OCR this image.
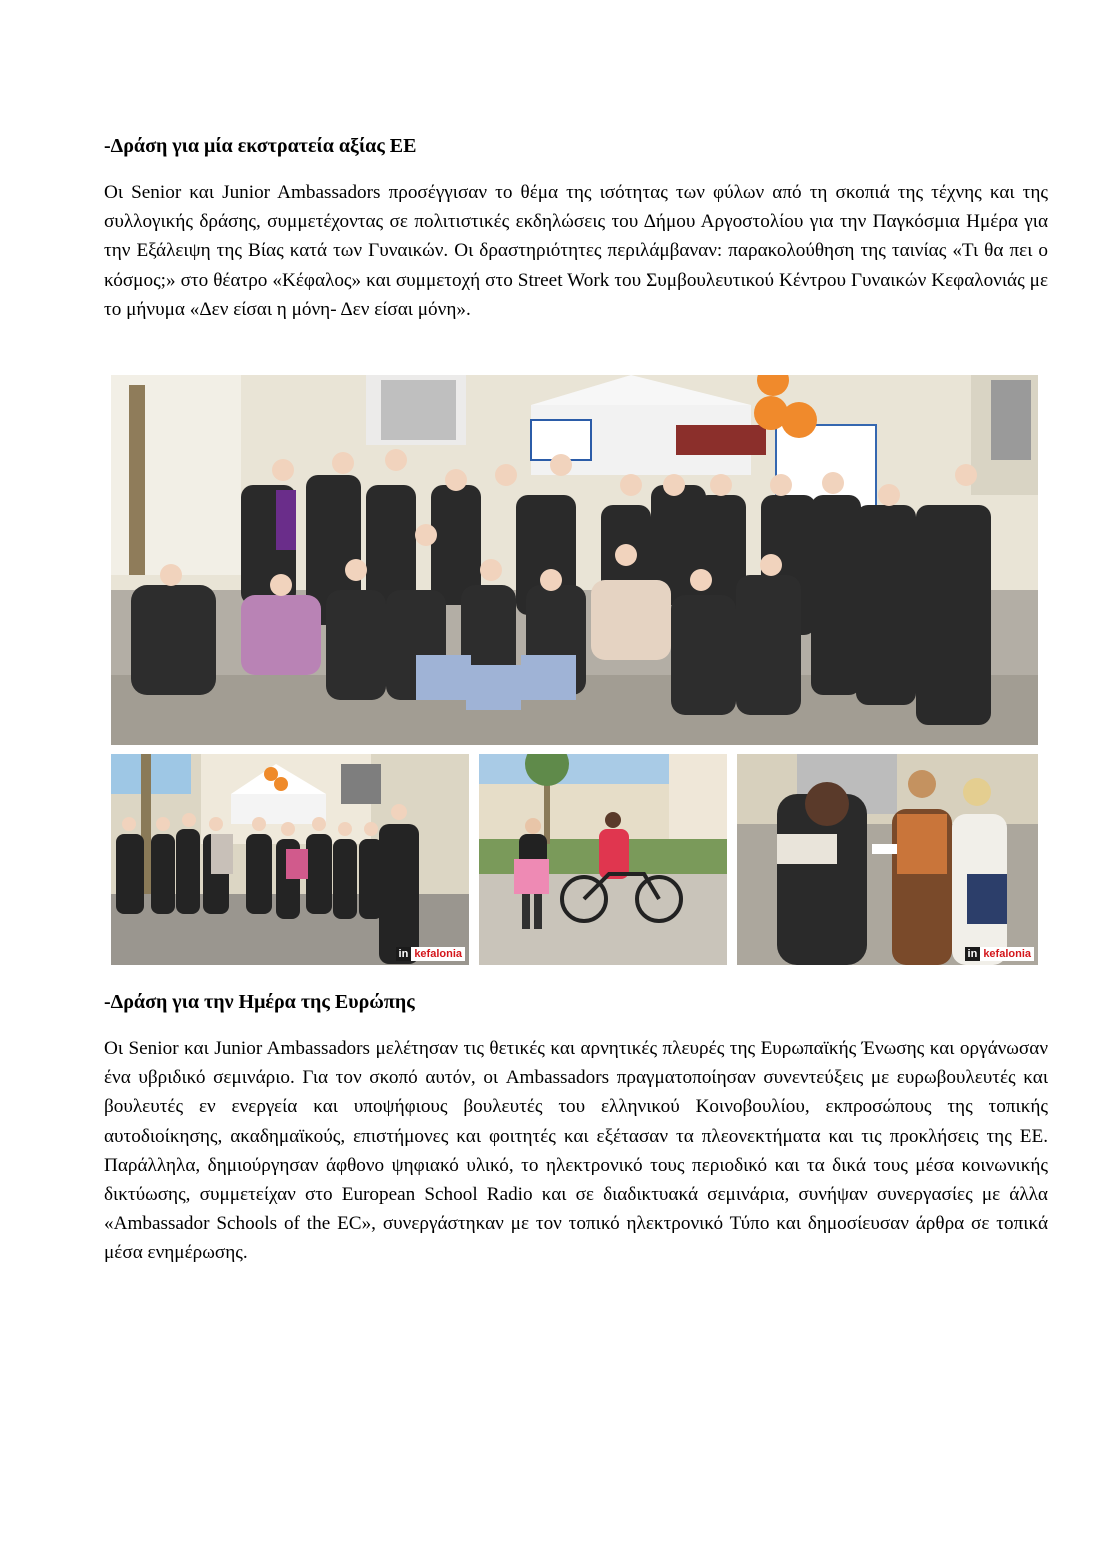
-Δράση για μία εκστρατεία αξίας ΕΕ

Οι Senior και Junior Ambassadors προσέγγισαν το θέμα της ισότητας των φύλων από τη σκοπιά της τέχνης και της συλλογικής δράσης, συμμετέχοντας σε πολιτιστικές εκδηλώσεις του Δήμου Αργοστολίου για την Παγκόσμια Ημέρα για την Εξάλειψη της Βίας κατά των Γυναικών. Οι δραστηριότητες περιλάμβαναν: παρακολούθηση της ταινίας «Τι θα πει ο κόσμος;» στο θέατρο «Κέφαλος» και συμμετοχή στο Street Work του Συμβουλευτικού Κέντρου Γυναικών Κεφαλονιάς με το μήνυμα «Δεν είσαι η μόνη- Δεν είσαι μόνη».

in kefalonia	in kefalonia
-Δράση για την Ημέρα της Ευρώπης

Οι Senior και Junior Ambassadors μελέτησαν τις θετικές και αρνητικές πλευρές της Ευρωπαϊκής Ένωσης και οργάνωσαν ένα υβριδικό σεμινάριο. Για τον σκοπό αυτόν, οι Ambassadors πραγματοποίησαν συνεντεύξεις με ευρωβουλευτές και βουλευτές εν ενεργεία και υποψήφιους βουλευτές του ελληνικού Κοινοβουλίου, εκπροσώπους της τοπικής αυτοδιοίκησης, ακαδημαϊκούς, επιστήμονες και φοιτητές και εξέτασαν τα πλεονεκτήματα και τις προκλήσεις της ΕΕ. Παράλληλα, δημιούργησαν άφθονο ψηφιακό υλικό, το ηλεκτρονικό τους περιοδικό και τα δικά τους μέσα κοινωνικής δικτύωσης, συμμετείχαν στο European School Radio και σε διαδικτυακά σεμινάρια, συνήψαν συνεργασίες με άλλα «Ambassador Schools of the EC», συνεργάστηκαν με τον τοπικό ηλεκτρονικό Τύπο και δημοσίευσαν άρθρα σε τοπικά μέσα ενημέρωσης.
